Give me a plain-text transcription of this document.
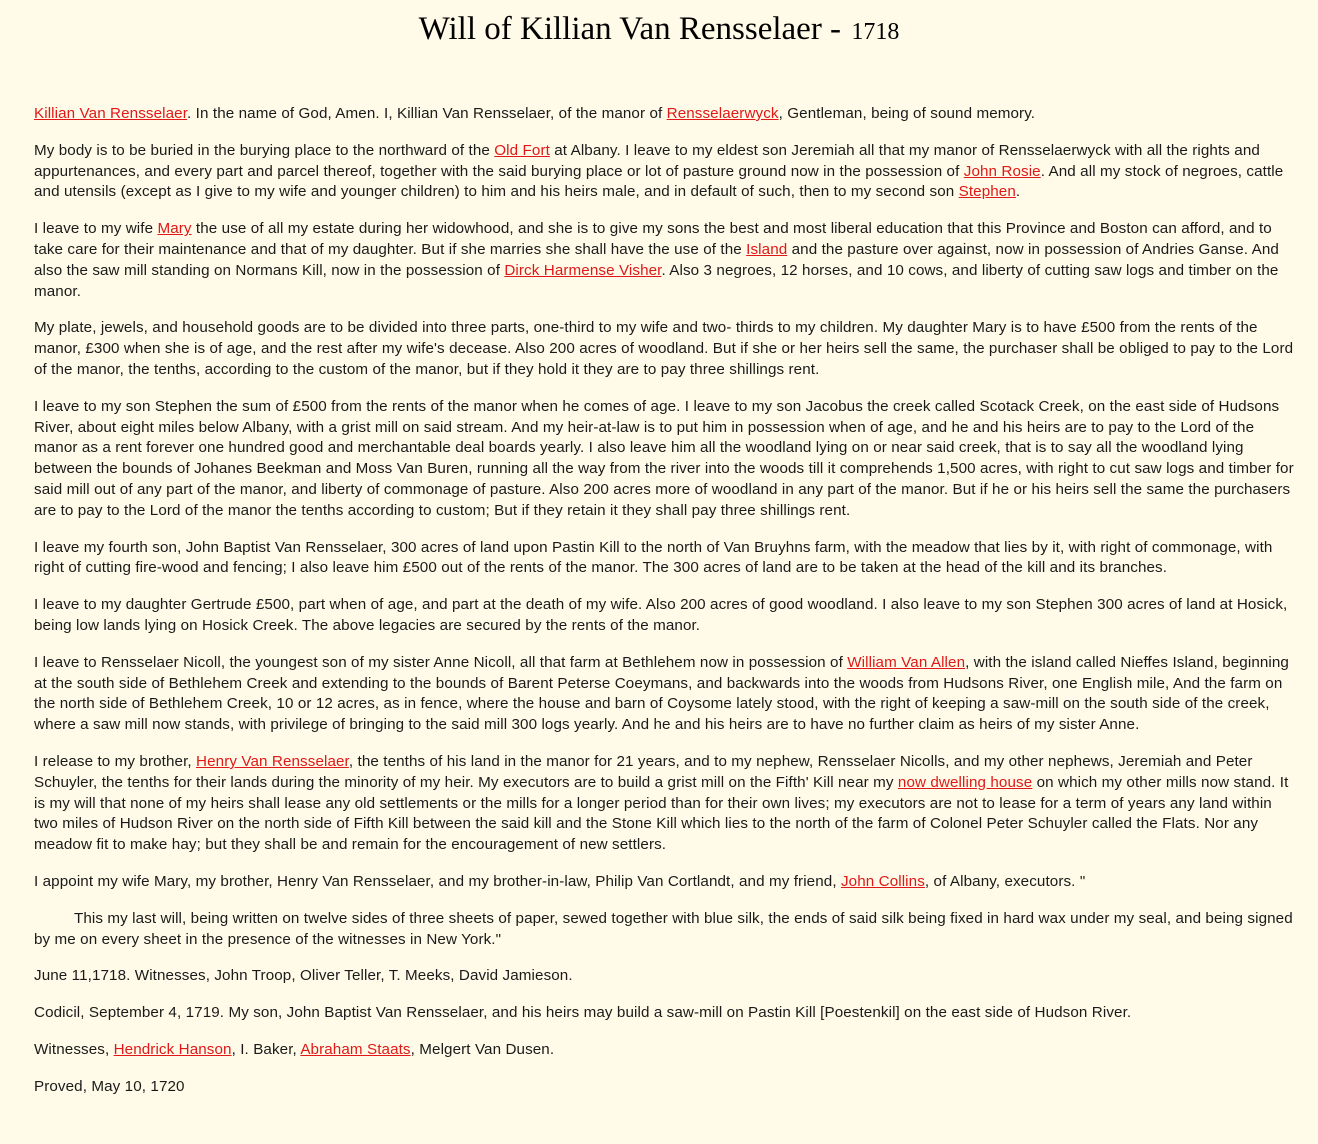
Will of Killian Van Rensselaer - 1718

Killian Van Rensselaer. In the name of God, Amen. I, Killian Van Rensselaer, of the manor of Rensselaerwyck, Gentleman, being of sound memory.

My body is to be buried in the burying place to the northward of the Old Fort at Albany. I leave to my eldest son Jeremiah all that my manor of Rensselaerwyck with all the rights and appurtenances, and every part and parcel thereof, together with the said burying place or lot of pasture ground now in the possession of John Rosie. And all my stock of negroes, cattle and utensils (except as I give to my wife and younger children) to him and his heirs male, and in default of such, then to my second son Stephen.

I leave to my wife Mary the use of all my estate during her widowhood, and she is to give my sons the best and most liberal education that this Province and Boston can afford, and to take care for their maintenance and that of my daughter. But if she marries she shall have the use of the Island and the pasture over against, now in possession of Andries Ganse. And also the saw mill standing on Normans Kill, now in the possession of Dirck Harmense Visher. Also 3 negroes, 12 horses, and 10 cows, and liberty of cutting saw logs and timber on the manor.

My plate, jewels, and household goods are to be divided into three parts, one-third to my wife and two- thirds to my children. My daughter Mary is to have £500 from the rents of the manor, £300 when she is of age, and the rest after my wife's decease. Also 200 acres of woodland. But if she or her heirs sell the same, the purchaser shall be obliged to pay to the Lord of the manor, the tenths, according to the custom of the manor, but if they hold it they are to pay three shillings rent.

I leave to my son Stephen the sum of £500 from the rents of the manor when he comes of age. I leave to my son Jacobus the creek called Scotack Creek, on the east side of Hudsons River, about eight miles below Albany, with a grist mill on said stream. And my heir-at-law is to put him in possession when of age, and he and his heirs are to pay to the Lord of the manor as a rent forever one hundred good and merchantable deal boards yearly. I also leave him all the woodland lying on or near said creek, that is to say all the woodland lying between the bounds of Johanes Beekman and Moss Van Buren, running all the way from the river into the woods till it comprehends 1,500 acres, with right to cut saw logs and timber for said mill out of any part of the manor, and liberty of commonage of pasture. Also 200 acres more of woodland in any part of the manor. But if he or his heirs sell the same the purchasers are to pay to the Lord of the manor the tenths according to custom; But if they retain it they shall pay three shillings rent.

I leave my fourth son, John Baptist Van Rensselaer, 300 acres of land upon Pastin Kill to the north of Van Bruyhns farm, with the meadow that lies by it, with right of commonage, with right of cutting fire-wood and fencing; I also leave him £500 out of the rents of the manor. The 300 acres of land are to be taken at the head of the kill and its branches.

I leave to my daughter Gertrude £500, part when of age, and part at the death of my wife. Also 200 acres of good woodland. I also leave to my son Stephen 300 acres of land at Hosick, being low lands lying on Hosick Creek. The above legacies are secured by the rents of the manor.

I leave to Rensselaer Nicoll, the youngest son of my sister Anne Nicoll, all that farm at Bethlehem now in possession of William Van Allen, with the island called Nieffes Island, beginning at the south side of Bethlehem Creek and extending to the bounds of Barent Peterse Coeymans, and backwards into the woods from Hudsons River, one English mile, And the farm on the north side of Bethlehem Creek, 10 or 12 acres, as in fence, where the house and barn of Coysome lately stood, with the right of keeping a saw-mill on the south side of the creek, where a saw mill now stands, with privilege of bringing to the said mill 300 logs yearly. And he and his heirs are to have no further claim as heirs of my sister Anne.

I release to my brother, Henry Van Rensselaer, the tenths of his land in the manor for 21 years, and to my nephew, Rensselaer Nicolls, and my other nephews, Jeremiah and Peter Schuyler, the tenths for their lands during the minority of my heir. My executors are to build a grist mill on the Fifth' Kill near my now dwelling house on which my other mills now stand. It is my will that none of my heirs shall lease any old settlements or the mills for a longer period than for their own lives; my executors are not to lease for a term of years any land within two miles of Hudson River on the north side of Fifth Kill between the said kill and the Stone Kill which lies to the north of the farm of Colonel Peter Schuyler called the Flats. Nor any meadow fit to make hay; but they shall be and remain for the encouragement of new settlers.

I appoint my wife Mary, my brother, Henry Van Rensselaer, and my brother-in-law, Philip Van Cortlandt, and my friend, John Collins, of Albany, executors. "

This my last will, being written on twelve sides of three sheets of paper, sewed together with blue silk, the ends of said silk being fixed in hard wax under my seal, and being signed by me on every sheet in the presence of the witnesses in New York."

June 11,1718. Witnesses, John Troop, Oliver Teller, T. Meeks, David Jamieson.

Codicil, September 4, 1719. My son, John Baptist Van Rensselaer, and his heirs may build a saw-mill on Pastin Kill [Poestenkil] on the east side of Hudson River.

Witnesses, Hendrick Hanson, I. Baker, Abraham Staats, Melgert Van Dusen.

Proved, May 10, 1720
